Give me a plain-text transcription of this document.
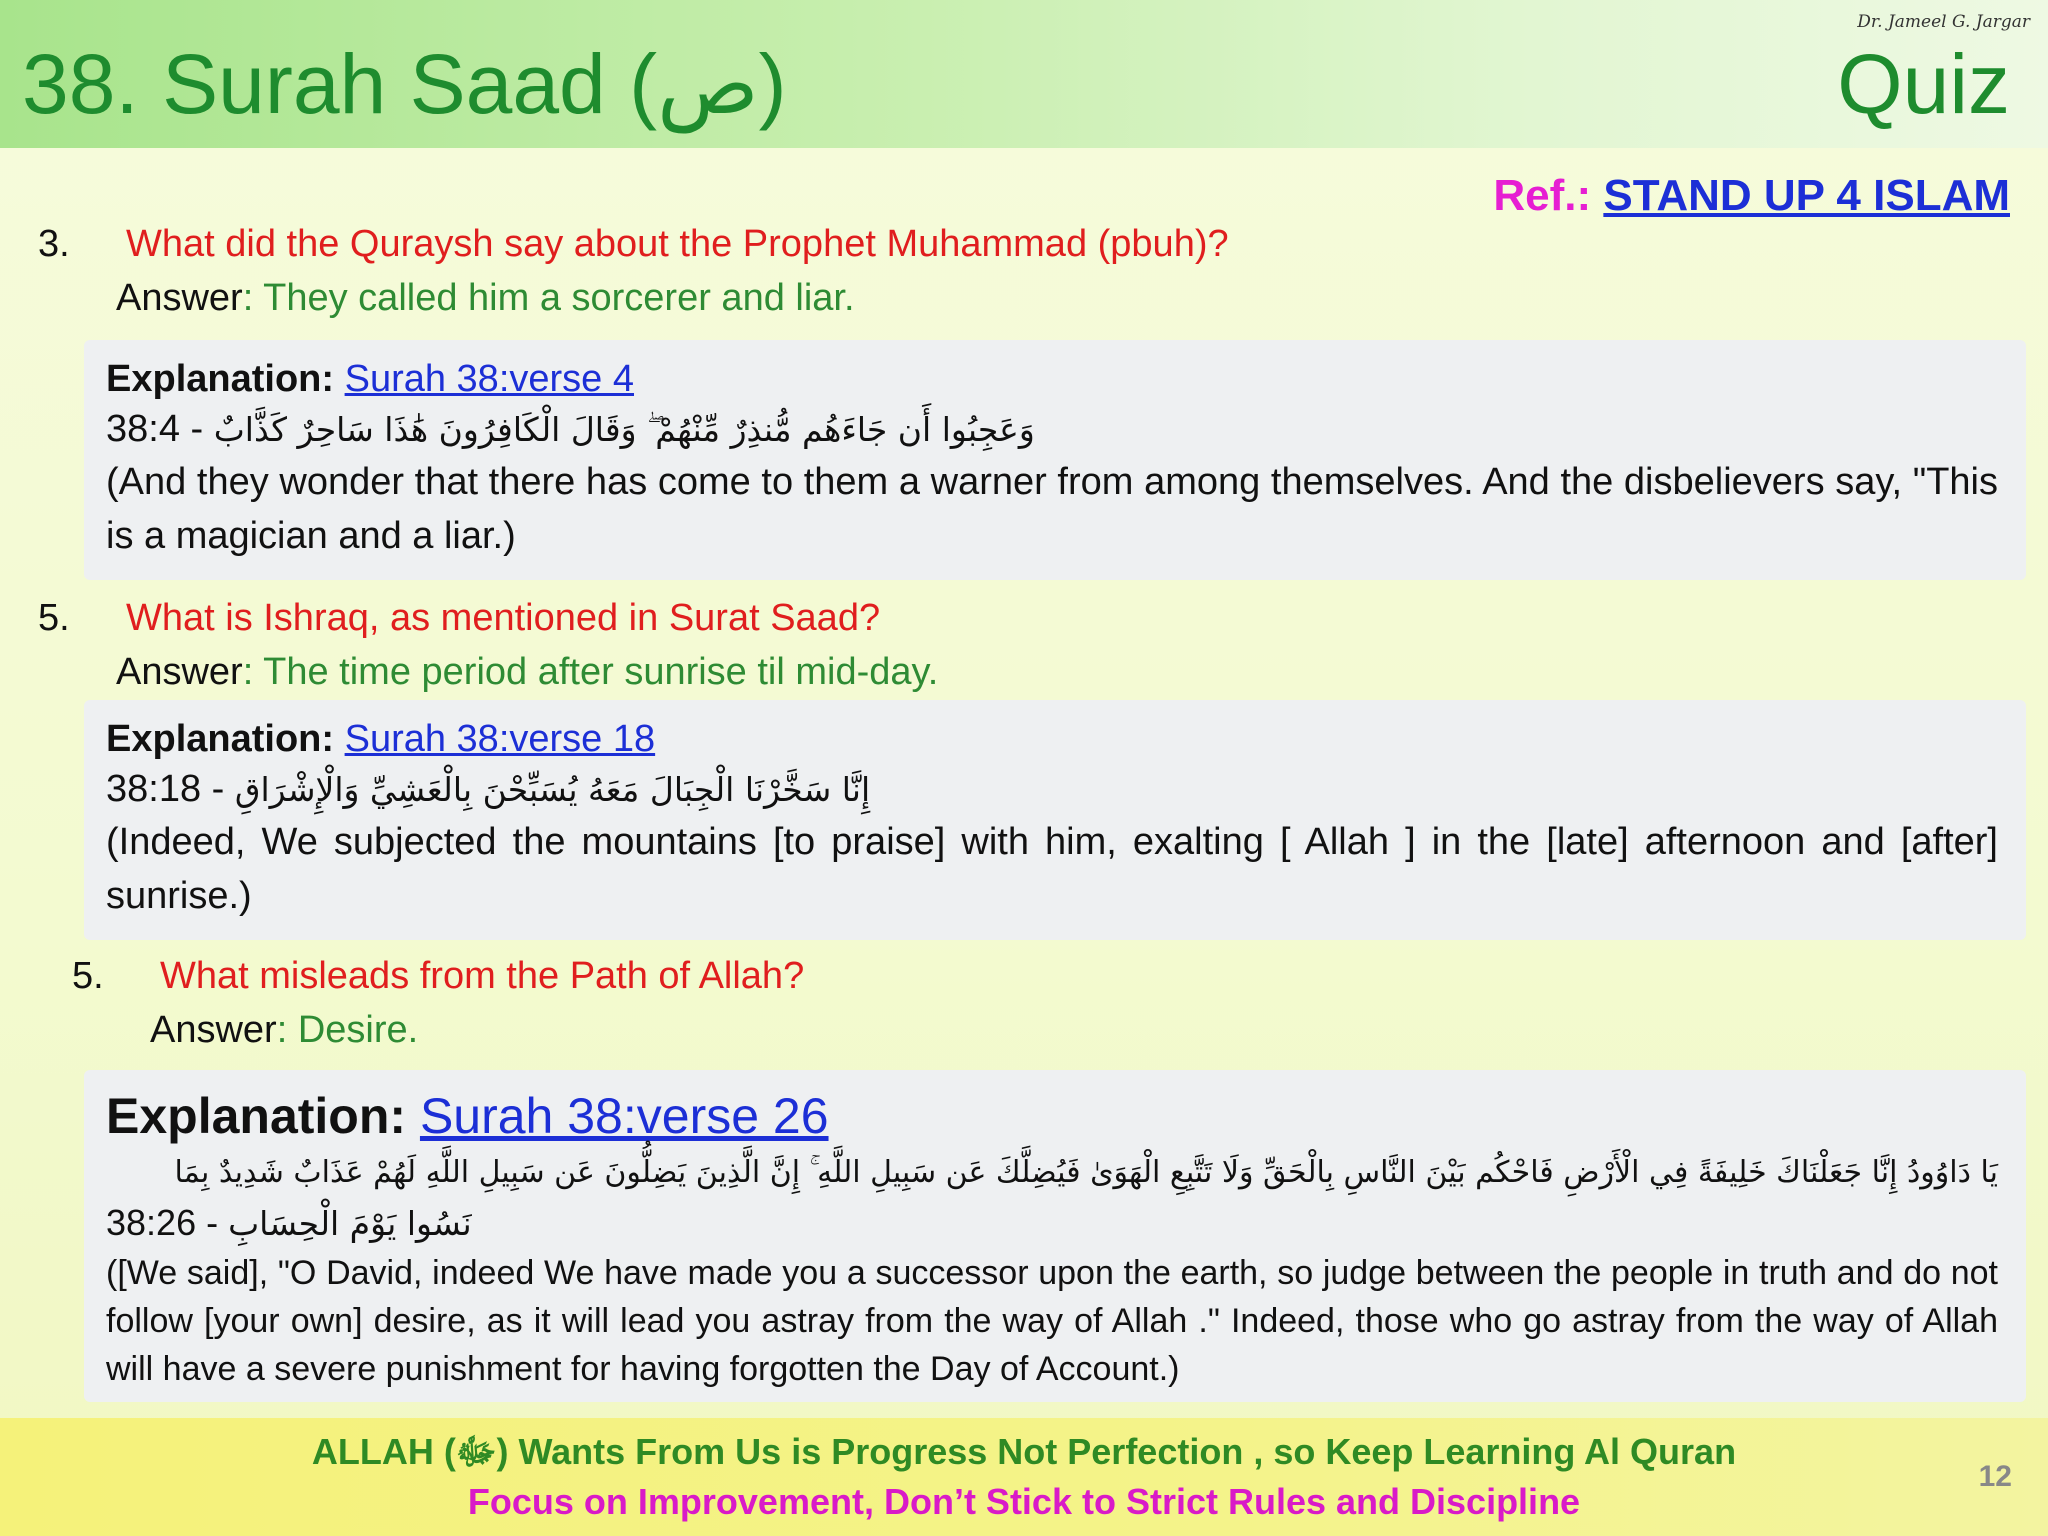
38. Surah Saad (ص)	Quiz
Dr. Jameel G. Jargar
Ref.: STAND UP 4 ISLAM
3. What did the Quraysh say about the Prophet Muhammad (pbuh)?
Answer: They called him a sorcerer and liar.
Explanation: Surah 38:verse 4
38:4 - وَعَجِبُوا أَن جَاءَهُم مُّنذِرٌ مِّنْهُمْ ۖ وَقَالَ الْكَافِرُونَ هَٰذَا سَاحِرٌ كَذَّابٌ
(And they wonder that there has come to them a warner from among themselves. And the disbelievers say, "This is a magician and a liar.)
5. What is Ishraq, as mentioned in Surat Saad?
Answer: The time period after sunrise til mid-day.
Explanation: Surah 38:verse 18
38:18 - إِنَّا سَخَّرْنَا الْجِبَالَ مَعَهُ يُسَبِّحْنَ بِالْعَشِيِّ وَالْإِشْرَاقِ
(Indeed, We subjected the mountains [to praise] with him, exalting [ Allah ] in the [late] afternoon and [after] sunrise.)
5. What misleads from the Path of Allah?
Answer: Desire.
Explanation: Surah 38:verse 26
يَا دَاوُودُ إِنَّا جَعَلْنَاكَ خَلِيفَةً فِي الْأَرْضِ فَاحْكُم بَيْنَ النَّاسِ بِالْحَقِّ وَلَا تَتَّبِعِ الْهَوَىٰ فَيُضِلَّكَ عَن سَبِيلِ اللَّهِ ۚ إِنَّ الَّذِينَ يَضِلُّونَ عَن سَبِيلِ اللَّهِ لَهُمْ عَذَابٌ شَدِيدٌ بِمَا
38:26 - نَسُوا يَوْمَ الْحِسَابِ
([We said], "O David, indeed We have made you a successor upon the earth, so judge between the people in truth and do not follow [your own] desire, as it will lead you astray from the way of Allah ." Indeed, those who go astray from the way of Allah will have a severe punishment for having forgotten the Day of Account.)
ALLAH (ﷻ) Wants From Us is Progress Not Perfection , so Keep Learning Al Quran
Focus on Improvement, Don’t Stick to Strict Rules and Discipline
12
